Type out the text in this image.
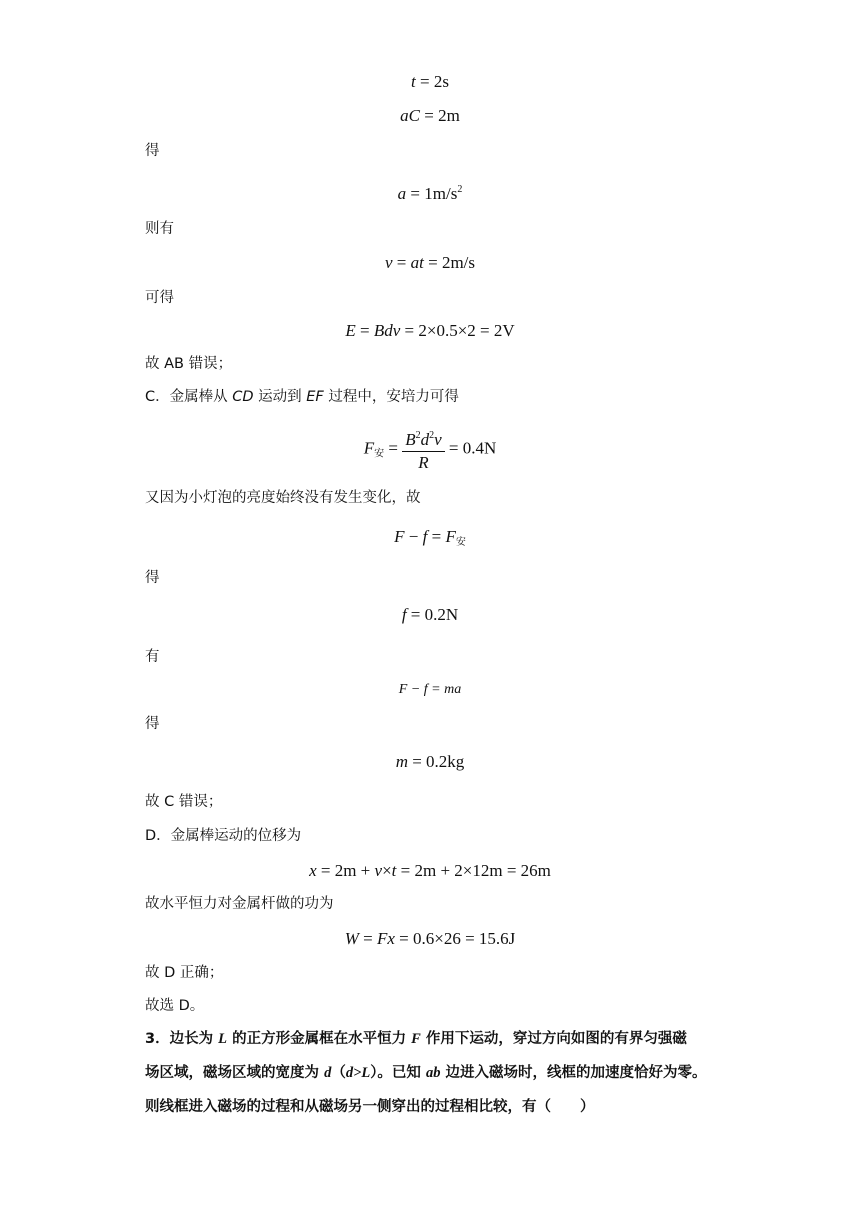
t = 2s
aC = 2m
得
$a = 1m/s^2$
则有
v = at = 2m/s
可得
E = Bdv = 2×0.5×2 = 2V
故 AB 错误；
C．金属棒从 CD 运动到 EF 过程中，安培力可得
$F_安 = \frac{B^2d^2v}{R} = 0.4N$
又因为小灯泡的亮度始终没有发生变化，故
$F - f = F_安$
得
f = 0.2N
有
F − f = ma
得
m = 0.2kg
故 C 错误；
D．金属棒运动的位移为
x = 2m + v×t = 2m + 2×12m = 26m
故水平恒力对金属杆做的功为
W = Fx = 0.6×26 = 15.6J
故 D 正确；
故选 D。
3．边长为 L 的正方形金属框在水平恒力 F 作用下运动，穿过方向如图的有界匀强磁
场区域，磁场区域的宽度为 d（d>L）。已知 ab 边进入磁场时，线框的加速度恰好为零。
则线框进入磁场的过程和从磁场另一侧穿出的过程相比较，有（　　）
